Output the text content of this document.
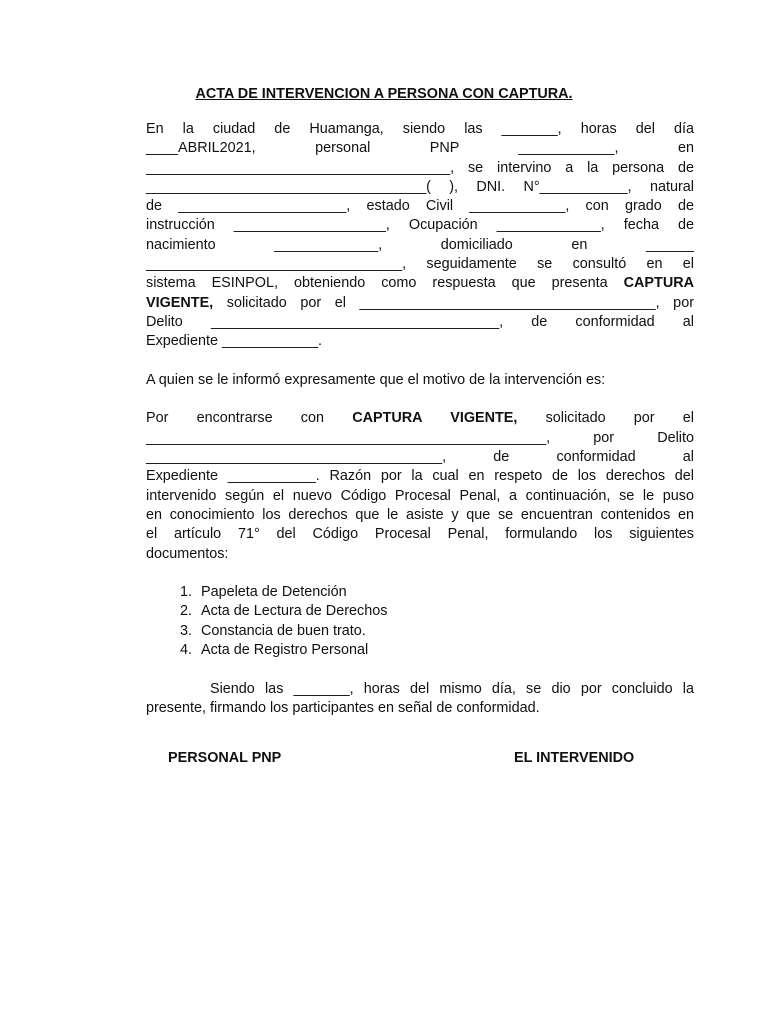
ACTA DE INTERVENCION A PERSONA CON CAPTURA.
En la ciudad de Huamanga, siendo las _______, horas del día
____ABRIL2021, personal PNP ____________, en
______________________________________, se intervino a la persona de
___________________________________( ), DNI. N°___________, natural
de _____________________, estado Civil ____________, con grado de
instrucción ___________________, Ocupación _____________, fecha de
nacimiento _____________, domiciliado en ______
________________________________, seguidamente se consultó en el
sistema ESINPOL, obteniendo como respuesta que presenta CAPTURA
VIGENTE, solicitado por el _____________________________________, por
Delito ____________________________________, de conformidad al
Expediente ____________.
A quien se le informó expresamente que el motivo de la intervención es:
Por encontrarse con CAPTURA VIGENTE, solicitado por el
__________________________________________________, por Delito
_____________________________________, de conformidad al
Expediente ___________. Razón por la cual en respeto de los derechos del
intervenido según el nuevo Código Procesal Penal, a continuación, se le puso
en conocimiento los derechos que le asiste y que se encuentran contenidos en
el artículo 71° del Código Procesal Penal, formulando los siguientes
documentos:
1. Papeleta de Detención
2. Acta de Lectura de Derechos
3. Constancia de buen trato.
4. Acta de Registro Personal
Siendo las _______, horas del mismo día, se dio por concluido la
presente, firmando los participantes en señal de conformidad.
PERSONAL PNP	EL INTERVENIDO
